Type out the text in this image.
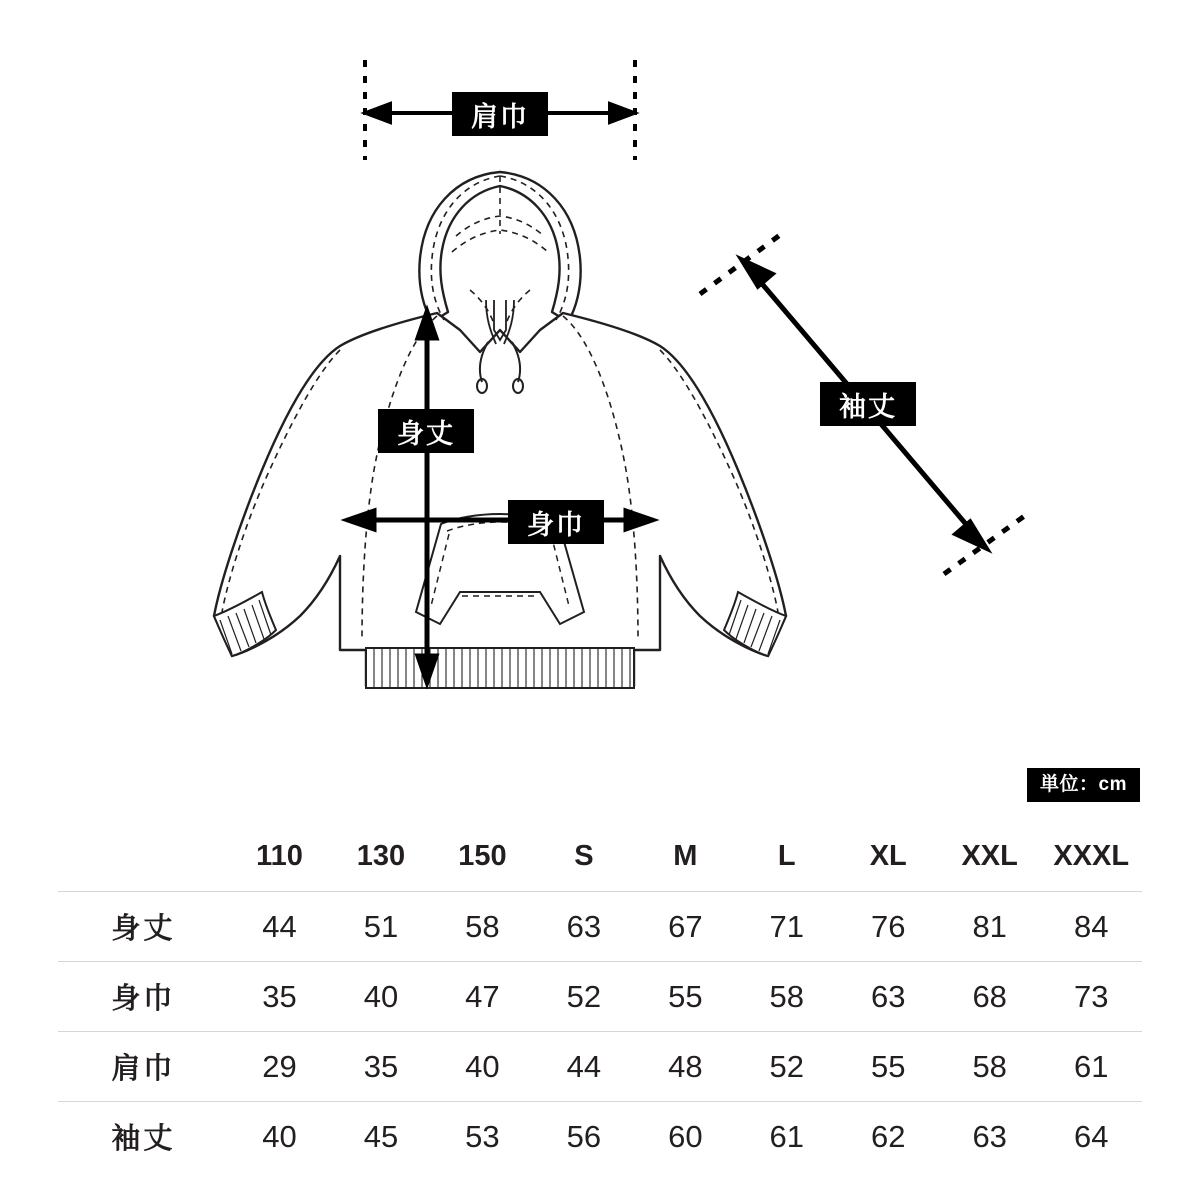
肩巾
身丈
身巾
袖丈
単位：cm
	110	130	150	S	M	L	XL	XXL	XXXL
身丈	44	51	58	63	67	71	76	81	84
身巾	35	40	47	52	55	58	63	68	73
肩巾	29	35	40	44	48	52	55	58	61
袖丈	40	45	53	56	60	61	62	63	64
